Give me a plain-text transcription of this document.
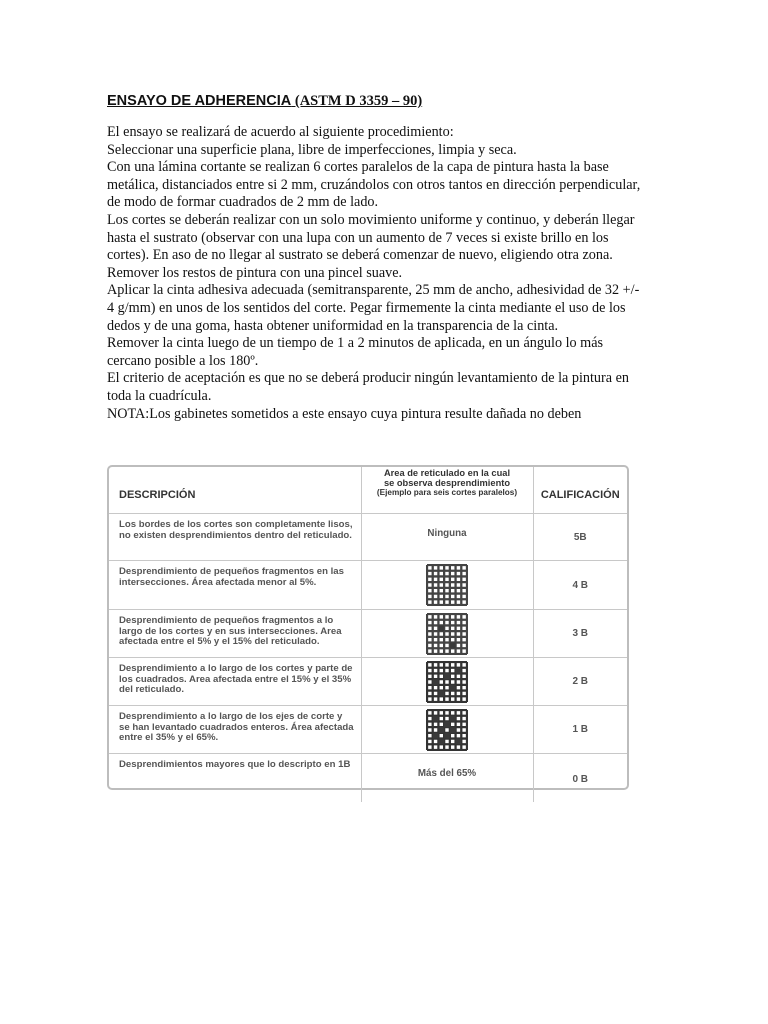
ENSAYO DE ADHERENCIA (ASTM D 3359 – 90)

El ensayo se realizará de acuerdo al siguiente procedimiento:

Seleccionar una superficie plana, libre de imperfecciones, limpia y seca.

Con una lámina cortante se realizan 6 cortes paralelos de la capa de pintura hasta la base metálica, distanciados entre si 2 mm, cruzándolos con otros tantos en dirección perpendicular, de modo de formar cuadrados de 2 mm de lado.

Los cortes se deberán realizar con un solo movimiento uniforme y continuo, y deberán llegar hasta el sustrato (observar con una lupa con un aumento de 7 veces si existe brillo en los cortes). En aso de no llegar al sustrato se deberá comenzar de nuevo, eligiendo otra zona. Remover los restos de pintura con una pincel suave.

Aplicar la cinta adhesiva adecuada (semitransparente, 25 mm de ancho, adhesividad de 32 +/- 4 g/mm) en unos de los sentidos del corte. Pegar firmemente la cinta mediante el uso de los dedos y de una goma, hasta obtener uniformidad en la transparencia de la cinta.

Remover la cinta luego de un tiempo de 1 a 2 minutos de aplicada, en un ángulo lo más cercano posible a los 180º.

El criterio de aceptación es que no se deberá producir ningún levantamiento de la pintura en toda la cuadrícula.

NOTA:Los gabinetes sometidos a este ensayo cuya pintura resulte dañada no deben

DESCRIPCIÓN	Area de reticulado en la cual
se observa desprendimiento
(Ejemplo para seis cortes paralelos)	CALIFICACIÓN
Los bordes de los cortes son completamente lisos, no existen desprendimientos dentro del reticulado.	Ninguna	5B
Desprendimiento de pequeños fragmentos en las intersecciones. Área afectada menor al 5%.		4 B
Desprendimiento de pequeños fragmentos a lo largo de los cortes y en sus intersecciones. Area afectada entre el 5% y el 15% del reticulado.		3 B
Desprendimiento a lo largo de los cortes y parte de los cuadrados. Area afectada entre el 15% y el 35% del reticulado.		2 B
Desprendimiento a lo largo de los ejes de corte y se han levantado cuadrados enteros. Área afectada entre el 35% y el 65%.		1 B
Desprendimientos mayores que lo descripto en 1B	Más del 65%	0 B
